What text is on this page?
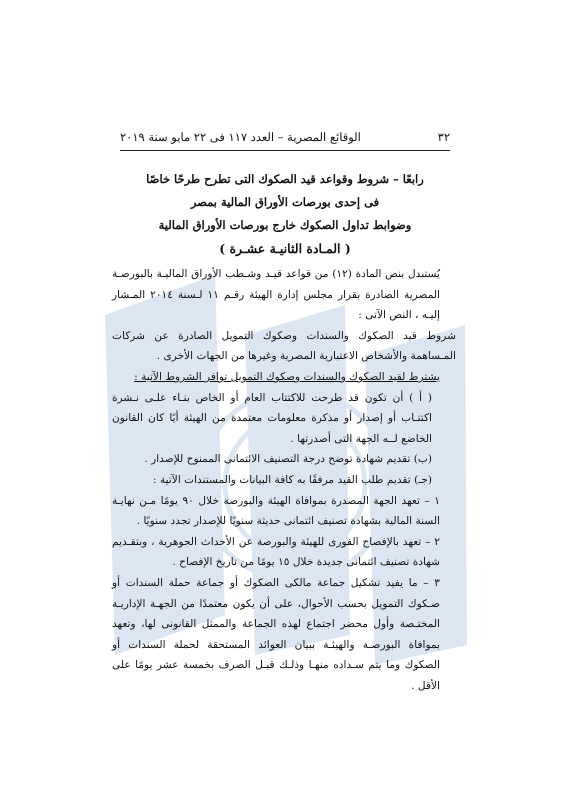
٣٢
الوقائع المصرية – العدد ١١٧ فى ٢٢ مايو سنة ٢٠١٩
رابعًا – شروط وقواعد قيد الصكوك التى تطرح طرحًا خاصًا
فى إحدى بورصات الأوراق المالية بمصر
وضوابط تداول الصكوك خارج بورصات الأوراق المالية
( المـادة الثانيـة عشـرة )

يُستبدل بنص المادة (١٢) من قواعد قيـد وشـطب الأوراق الماليـة بالبورصـة المصرية الصادرة بقرار مجلس إدارة الهيئة رقـم ١١ لـسنة ٢٠١٤ المـشار إليـه ، النص الآتى :

شروط قيد الصكوك والسندات وصكوك التمويل الصادرة عن شركات المـساهمة والأشخاص الاعتبارية المصرية وغيرها من الجهات الأخرى .

يشترط لقيد الصكوك والسندات وصكوك التمويل توافر الشروط الآتية :

( أ ) أن تكون قد طرحت للاكتتاب العام أو الخاص بنـاء علـى نـشرة اكتتـاب أو إصدار أو مذكرة معلومات معتمدة من الهيئة أيًا كان القانون الخاضع لــه الجهة التى أصدرتها .

(ب) تقديم شهادة توضح درجة التصنيف الائتمانى الممنوح للإصدار .

(جـ) تقديم طلب القيد مرفقًا به كافة البيانات والمستندات الآتية :

١ – تعهد الجهة المصدرة بموافاة الهيئة والبورصة خلال ٩٠ يومًا مـن نهايـة السنة المالية بشهادة تصنيف ائتمانى حديثة سنويًا للإصدار تجدد سنويًا .

٢ – تعهد بالإفصاح الفورى للهيئة والبورصة عن الأحداث الجوهرية ، وبتقـديم شهادة تصنيف ائتمانى جديدة خلال ١٥ يومًا من تاريخ الإفصاح .

٣ – ما يفيد تشكيل جماعة مالكى الصكوك أو جماعة حملة السندات أو صـكوك التمويل بحسب الأحوال، على أن يكون معتمدًا من الجهـة الإداريـة المختـصة وأول محضر اجتماع لهذه الجماعة والممثل القانونى لها، وتعهد بموافاة البورصـة والهيئـة ببيان العوائد المستحقة لحملة السندات أو الصكوك وما يتم سـداده منهـا وذلـك قبـل الصرف بخمسة عشر يومًا على الأقل .
